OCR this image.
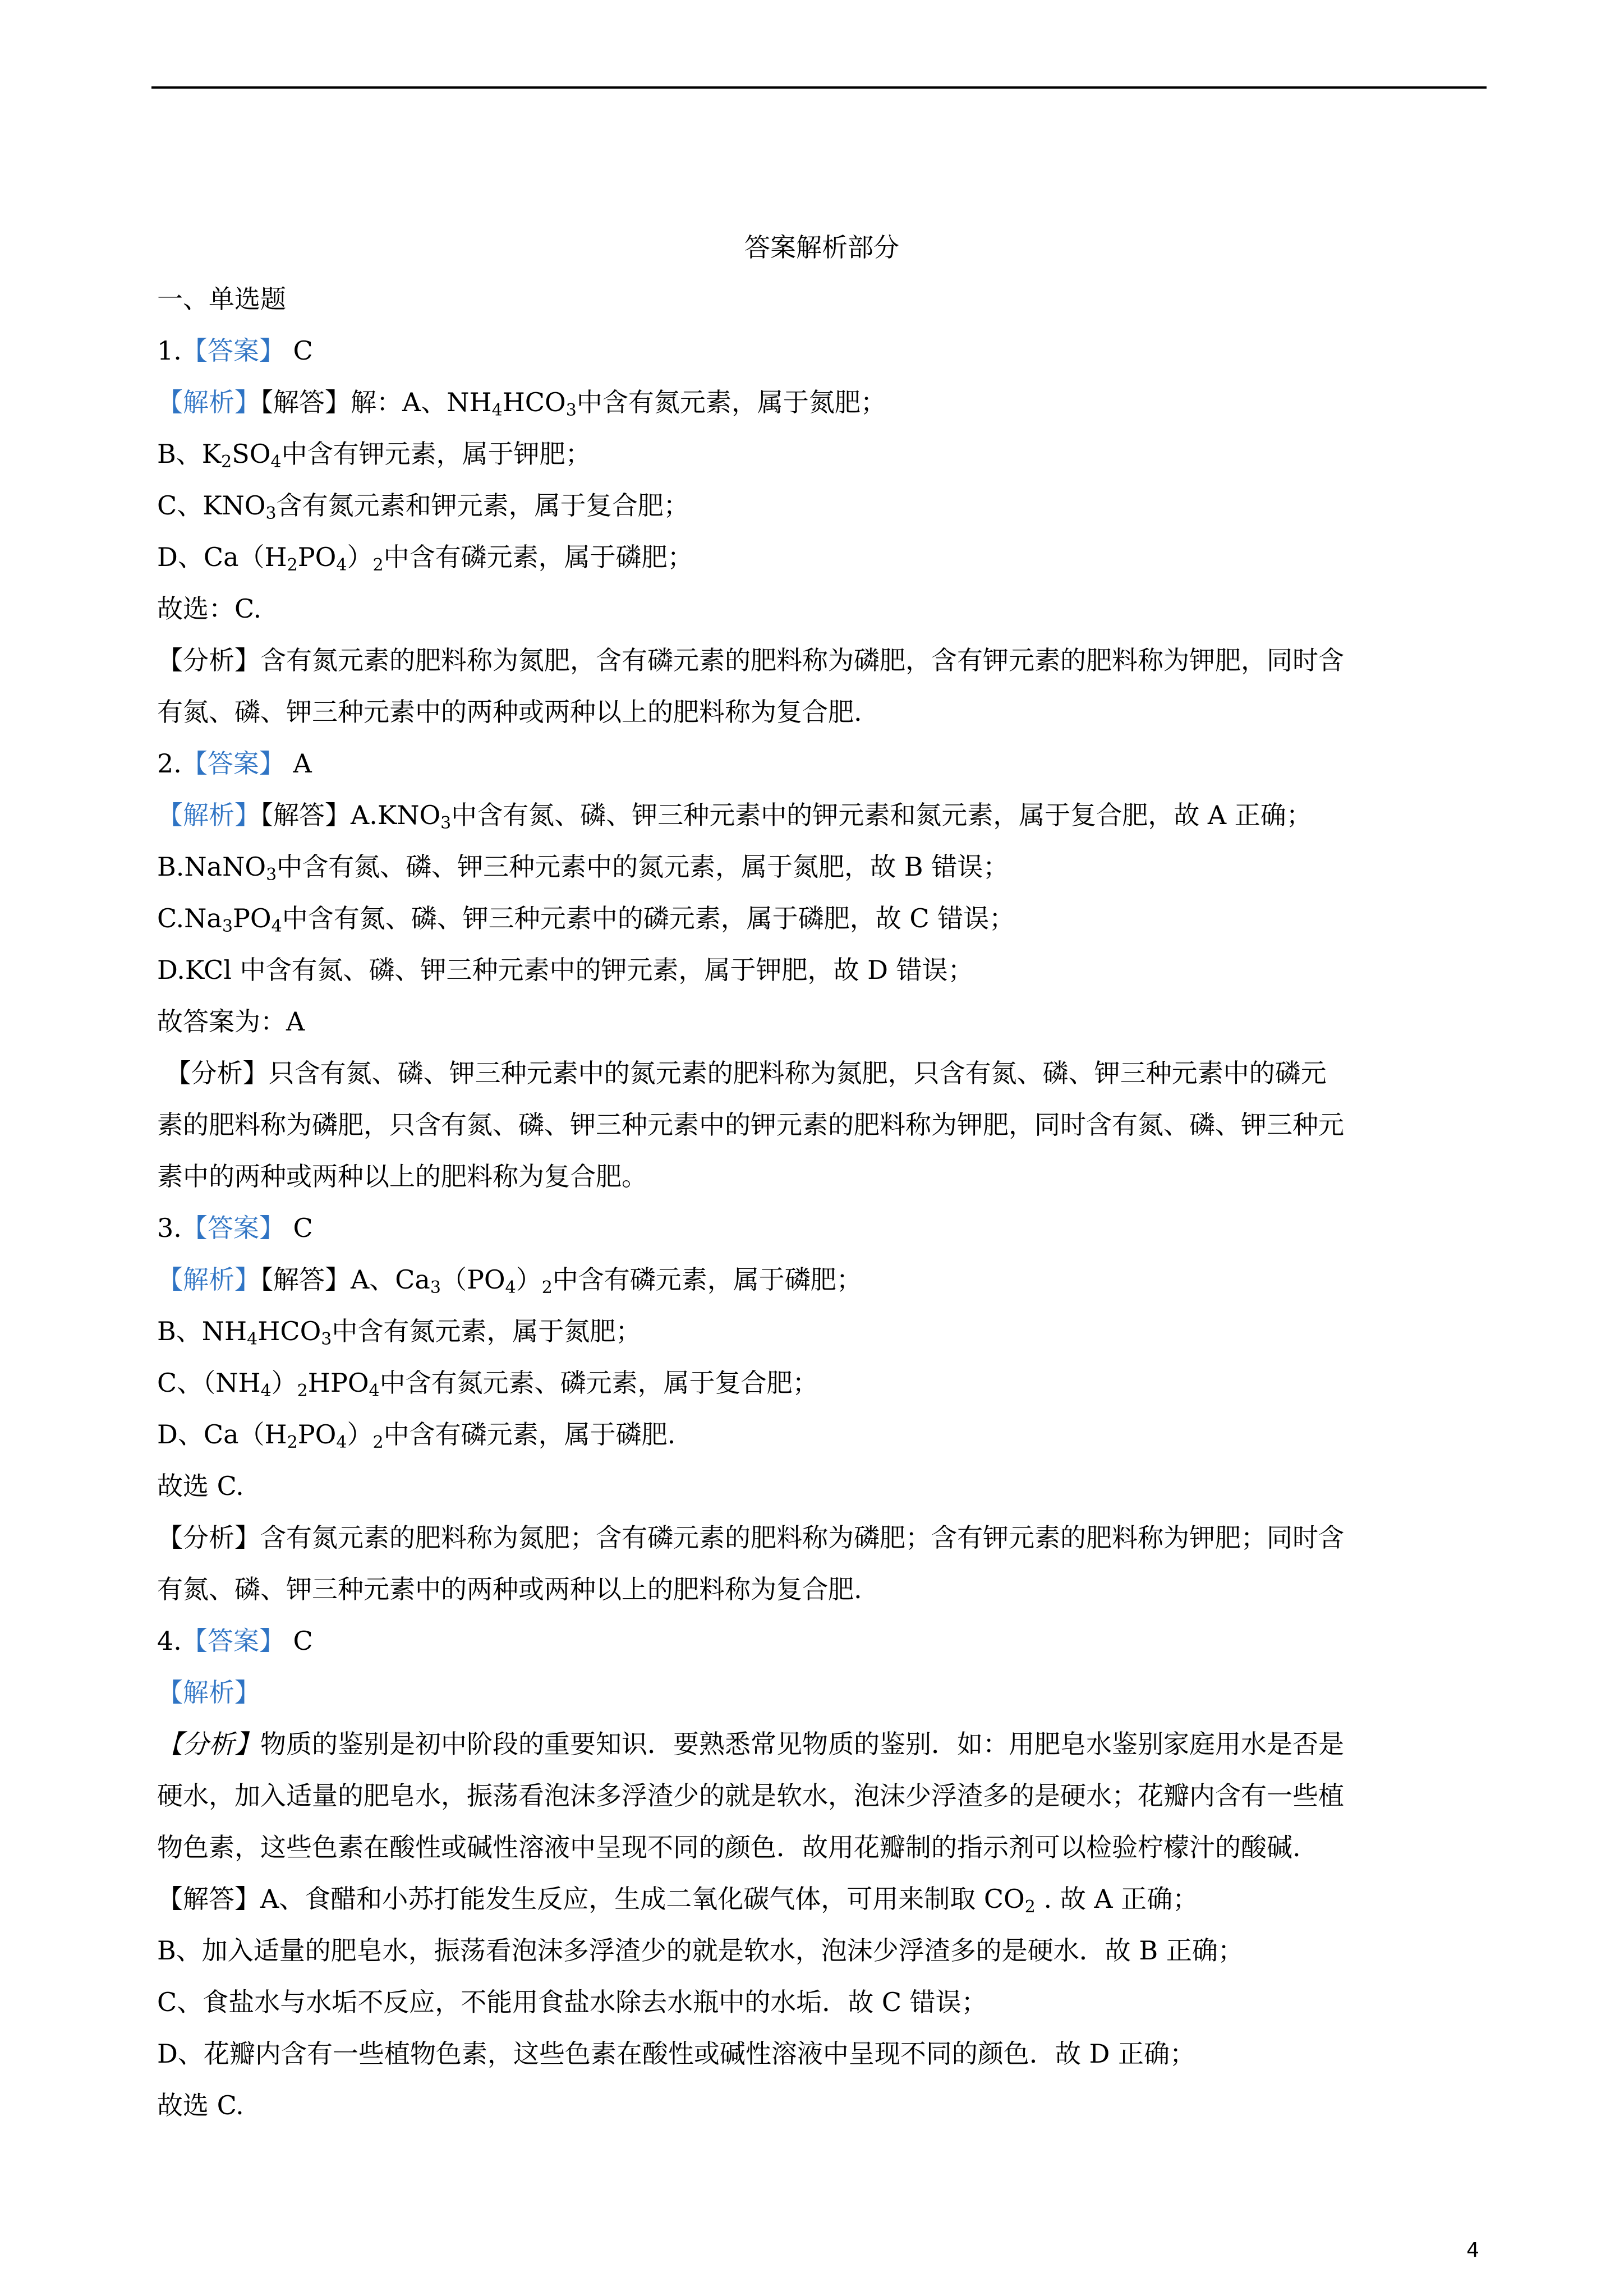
答案解析部分
一、单选题
1.【答案】 C
【解析】【解答】解：A、$NH_4HCO_3$中含有氮元素，属于氮肥；
B、$K_2SO_4$中含有钾元素，属于钾肥；
C、$KNO_3$含有氮元素和钾元素，属于复合肥；
D、$Ca(H_2PO_4)_2$中含有磷元素，属于磷肥；
故选：C.
【分析】含有氮元素的肥料称为氮肥，含有磷元素的肥料称为磷肥，含有钾元素的肥料称为钾肥，同时含
有氮、磷、钾三种元素中的两种或两种以上的肥料称为复合肥.
2.【答案】 A
【解析】【解答】$A.KNO_3$中含有氮、磷、钾三种元素中的钾元素和氮元素，属于复合肥，故 A 正确；
B.NaNO$_3$中含有氮、磷、钾三种元素中的氮元素，属于氮肥，故 B 错误；
$C.Na_3PO_4$中含有氮、磷、钾三种元素中的磷元素，属于磷肥，故 C 错误；
D.KCl 中含有氮、磷、钾三种元素中的钾元素，属于钾肥，故 D 错误；
故答案为：A
【分析】只含有氮、磷、钾三种元素中的氮元素的肥料称为氮肥，只含有氮、磷、钾三种元素中的磷元
素的肥料称为磷肥，只含有氮、磷、钾三种元素中的钾元素的肥料称为钾肥，同时含有氮、磷、钾三种元
素中的两种或两种以上的肥料称为复合肥。
3.【答案】 C
【解析】【解答】A、$Ca_3(PO_4)_2$中含有磷元素，属于磷肥；
B、$NH_4HCO_3$中含有氮元素，属于氮肥；
C、$(NH_4)_2HPO_4$中含有氮元素、磷元素，属于复合肥；
D、$Ca(H_2PO_4)_2$中含有磷元素，属于磷肥.
故选 C.
【分析】含有氮元素的肥料称为氮肥；含有磷元素的肥料称为磷肥；含有钾元素的肥料称为钾肥；同时含
有氮、磷、钾三种元素中的两种或两种以上的肥料称为复合肥.
4.【答案】 C
【解析】
【分析】物质的鉴别是初中阶段的重要知识．要熟悉常见物质的鉴别．如：用肥皂水鉴别家庭用水是否是
硬水，加入适量的肥皂水，振荡看泡沫多浮渣少的就是软水，泡沫少浮渣多的是硬水；花瓣内含有一些植
物色素，这些色素在酸性或碱性溶液中呈现不同的颜色．故用花瓣制的指示剂可以检验柠檬汁的酸碱.
【解答】A、食醋和小苏打能发生反应，生成二氧化碳气体，可用来制取 $CO_2$ . 故 A 正确；
B、加入适量的肥皂水，振荡看泡沫多浮渣少的就是软水，泡沫少浮渣多的是硬水．故 B 正确；
C、食盐水与水垢不反应，不能用食盐水除去水瓶中的水垢．故 C 错误；
D、花瓣内含有一些植物色素，这些色素在酸性或碱性溶液中呈现不同的颜色．故 D 正确；
故选 C.
4
